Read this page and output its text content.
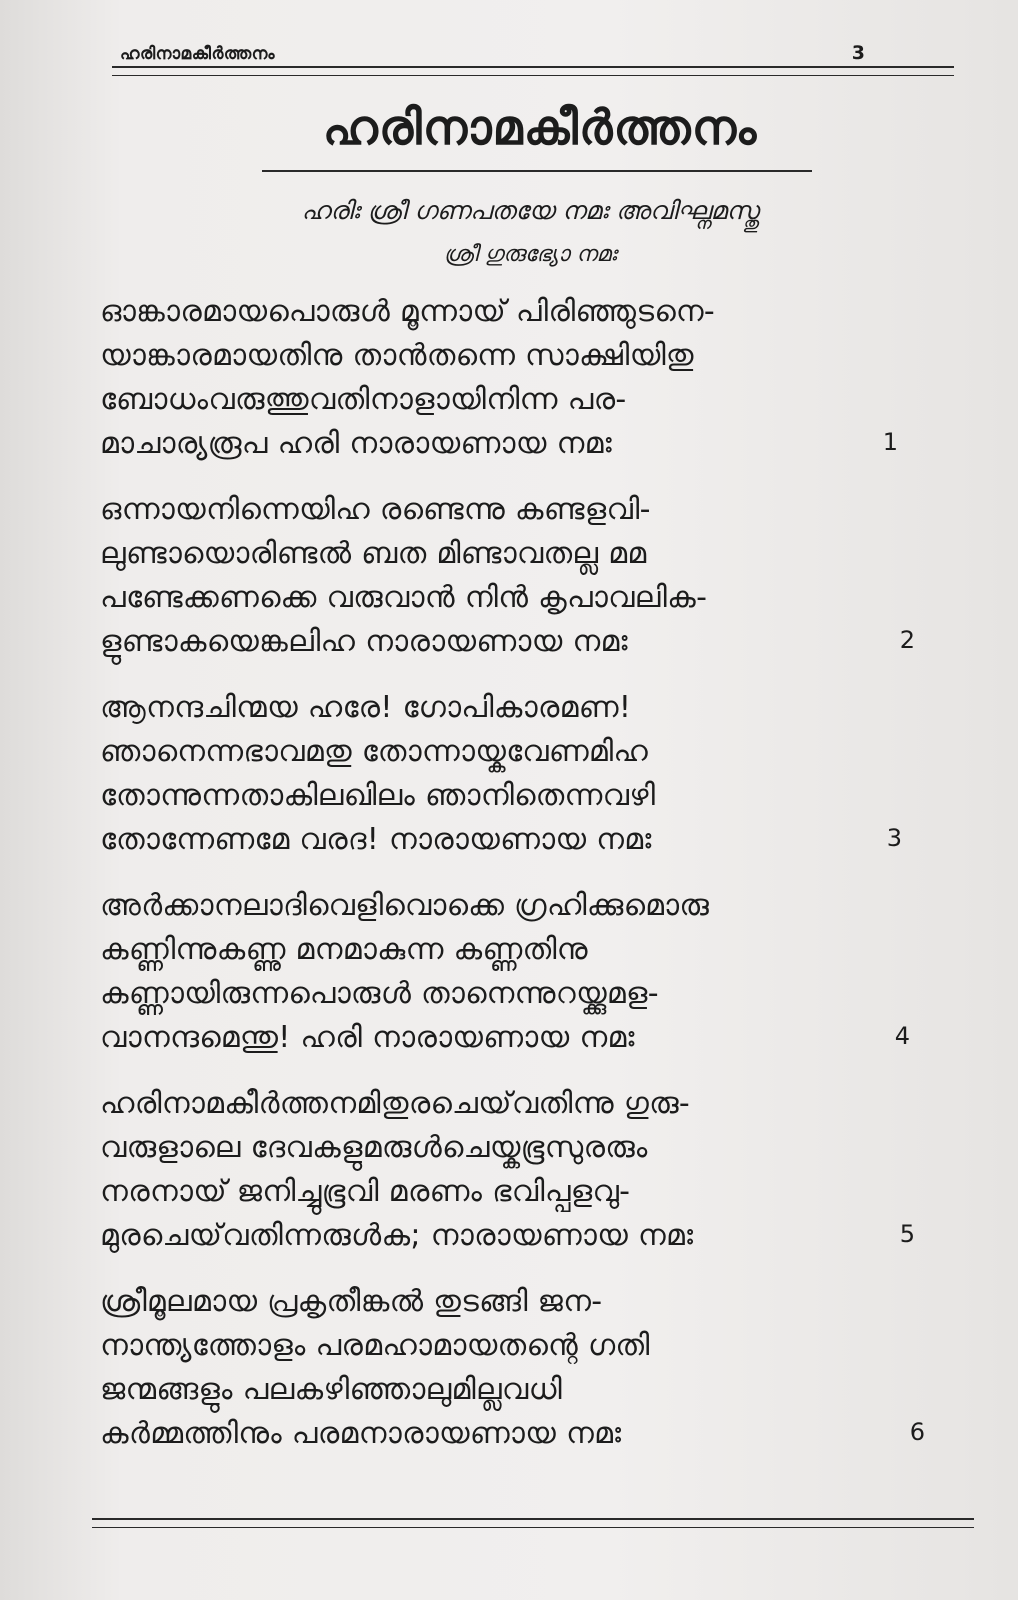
ഹരിനാമകീർത്തനം	3
ഹരിനാമകീർത്തനം
ഹരിഃ ശ്രീ ഗണപതയേ നമഃ അവിഘ്നമസ്തു
ശ്രീ ഗുരുഭ്യോ നമഃ
ഓങ്കാരമായപൊരുൾ മൂന്നായ് പിരിഞ്ഞുടനെ-
യാങ്കാരമായതിനു താൻതന്നെ സാക്ഷിയിതു
ബോധംവരുത്തുവതിനാളായിനിന്ന പര-
മാചാര്യരൂപ ഹരി നാരായണായ നമഃ	1
ഒന്നായനിന്നെയിഹ രണ്ടെന്നു കണ്ടളവി-
ലുണ്ടായൊരിണ്ടൽ ബത മിണ്ടാവതല്ല മമ
പണ്ടേക്കണക്കെ വരുവാൻ നിൻ കൃപാവലിക-
ളുണ്ടാകയെങ്കലിഹ നാരായണായ നമഃ	2
ആനന്ദചിന്മയ ഹരേ! ഗോപികാരമണ!
ഞാനെന്നഭാവമതു തോന്നായ്കവേണമിഹ
തോന്നുന്നതാകിലഖിലം ഞാനിതെന്നവഴി
തോന്നേണമേ വരദ! നാരായണായ നമഃ	3
അർക്കാനലാദിവെളിവൊക്കെ ഗ്രഹിക്കുമൊരു
കണ്ണിന്നുകണ്ണു മനമാകുന്ന കണ്ണതിനു
കണ്ണായിരുന്നപൊരുൾ താനെന്നുറയ്ക്കുമള-
വാനന്ദമെന്തു! ഹരി നാരായണായ നമഃ	4
ഹരിനാമകീർത്തനമിതുരചെയ്‌വതിന്നു ഗുരു-
വരുളാലെ ദേവകളുമരുൾചെയ്കഭൂസുരരും
നരനായ് ജനിച്ചുഭൂവി മരണം ഭവിപ്പളവു-
മുരചെയ്‌വതിന്നരുൾക; നാരായണായ നമഃ	5
ശ്രീമൂലമായ പ്രകൃതീങ്കൽ തുടങ്ങി ജന-
നാന്ത്യത്തോളം പരമഹാമായതന്റെ ഗതി
ജന്മങ്ങളും പലകഴിഞ്ഞാലുമില്ലവധി
കർമ്മത്തിനും പരമനാരായണായ നമഃ	6
